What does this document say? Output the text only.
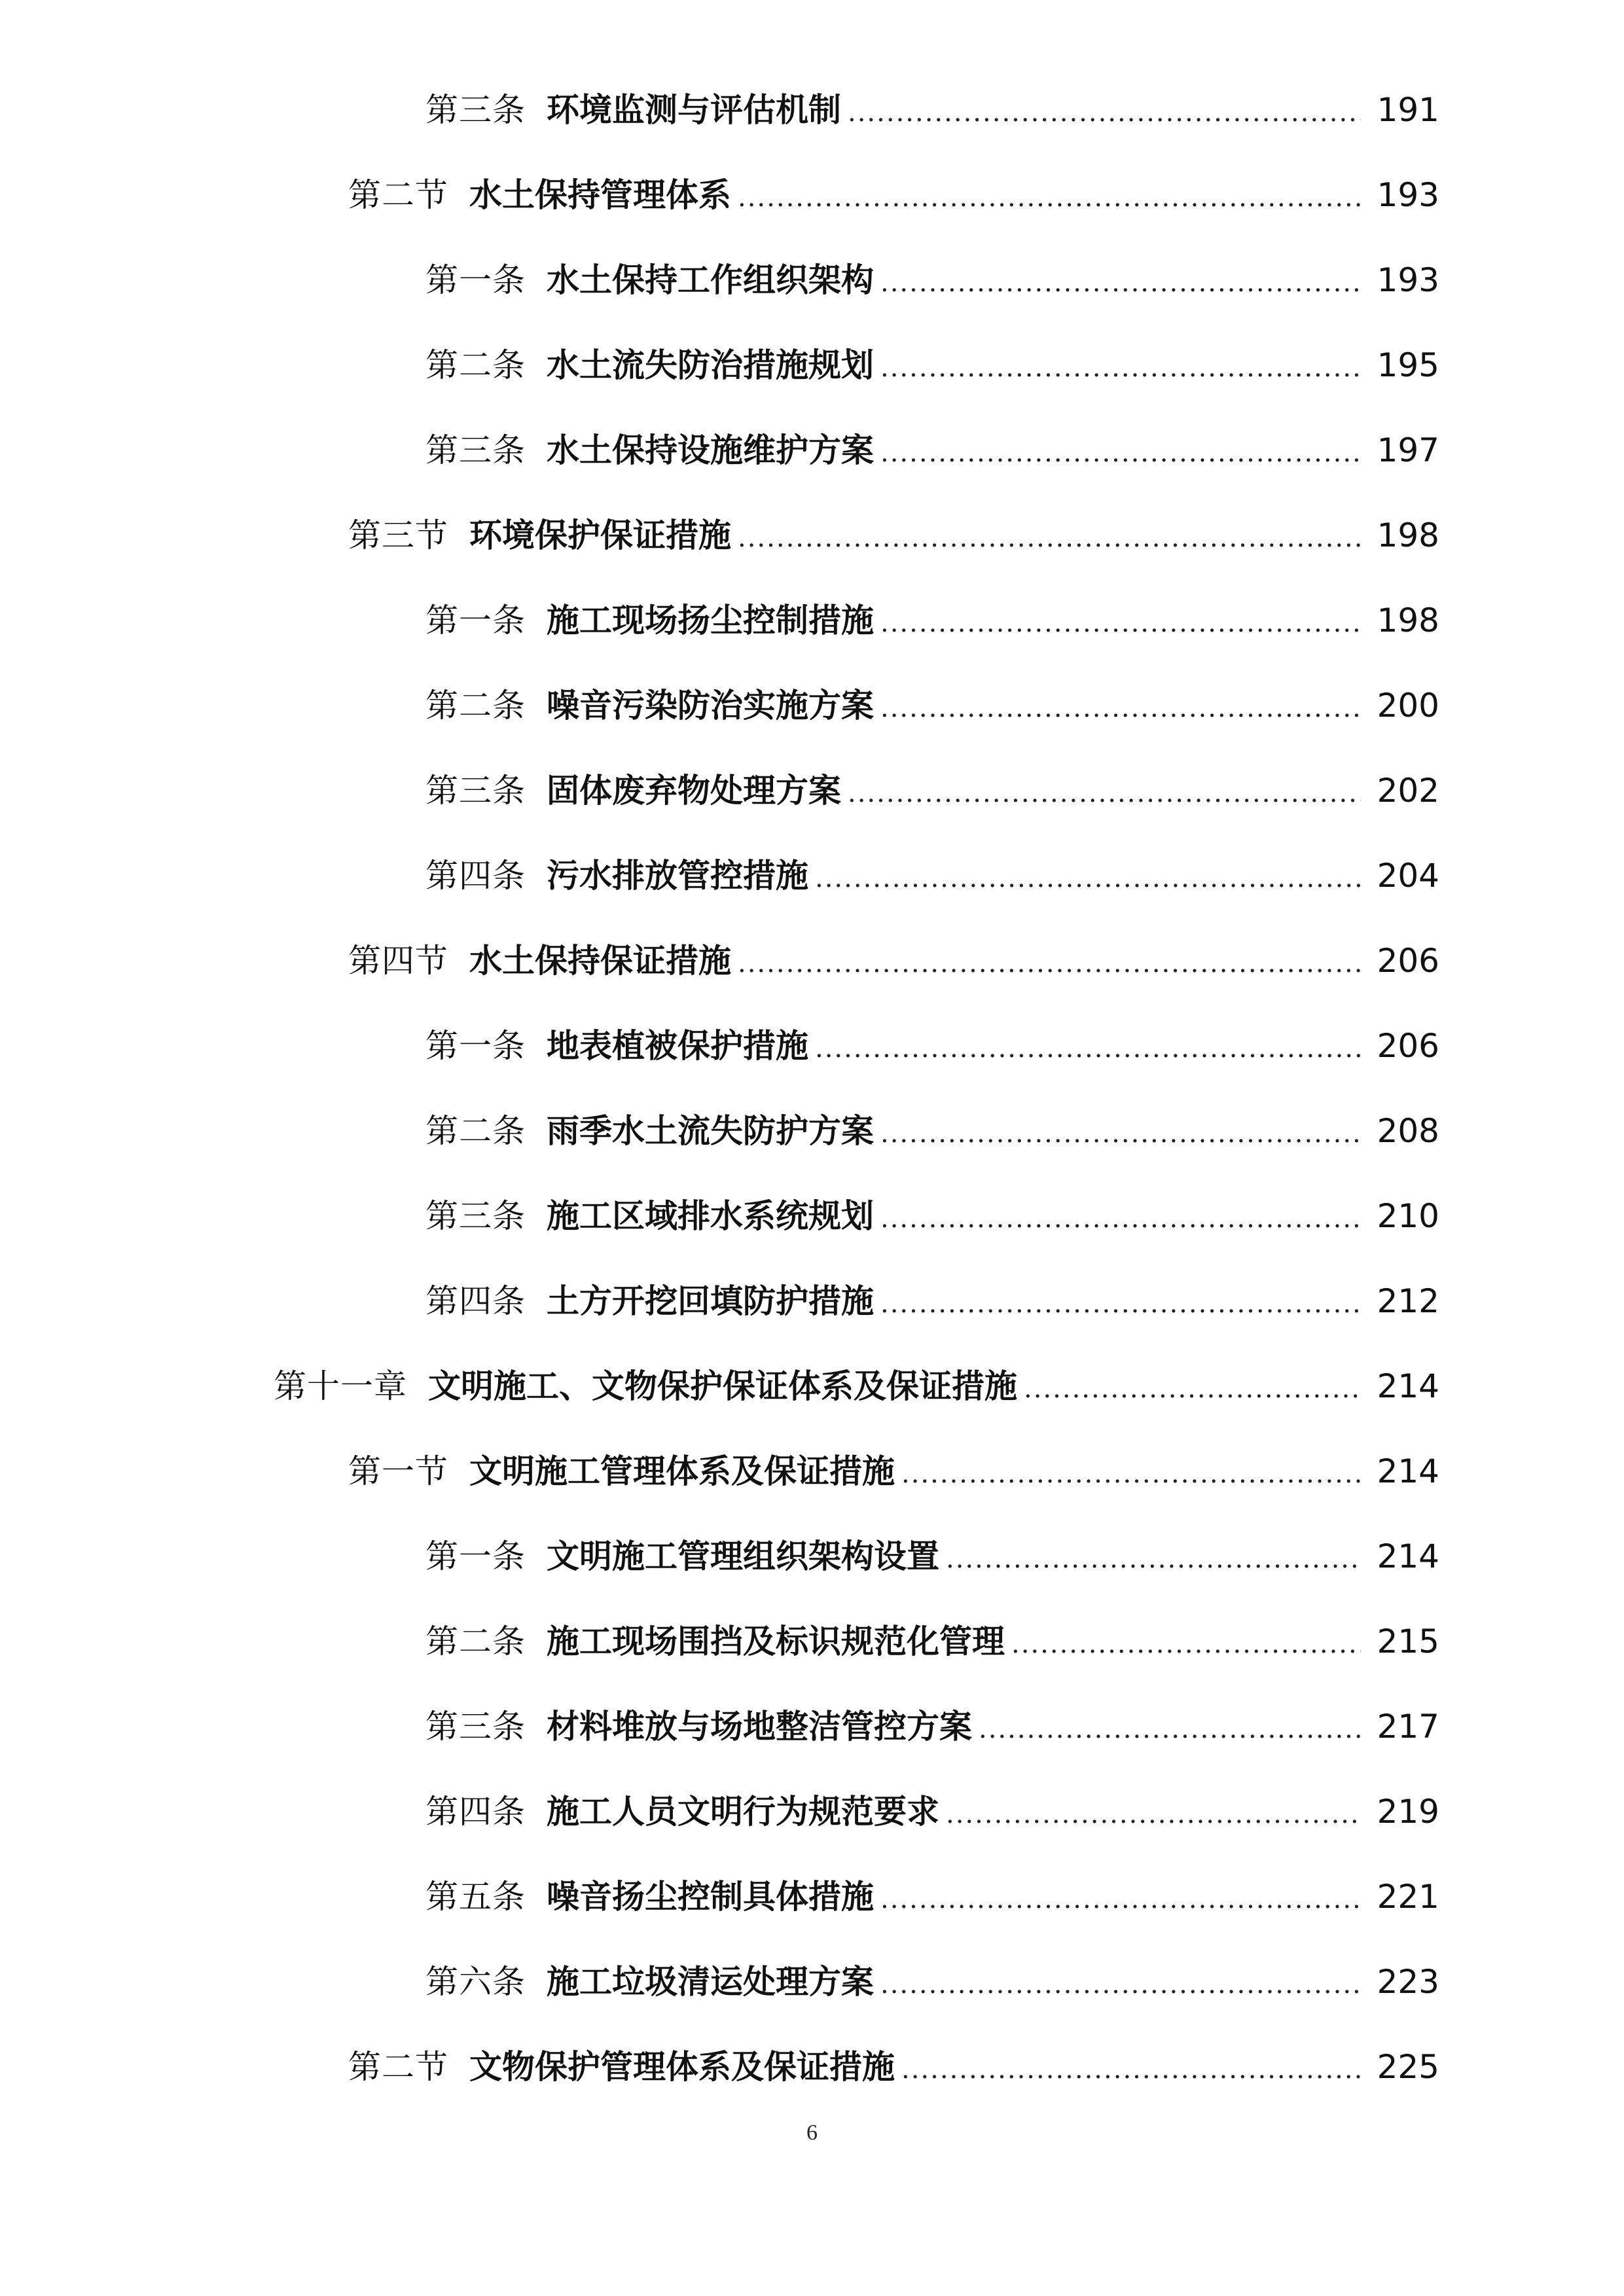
第三条 环境监测与评估机制 .....	191
第二节 水土保持管理体系 .....	193
第一条 水土保持工作组织架构 .....	193
第二条 水土流失防治措施规划 .....	195
第三条 水土保持设施维护方案 .....	197
第三节 环境保护保证措施 .....	198
第一条 施工现场扬尘控制措施 .....	198
第二条 噪音污染防治实施方案 .....	200
第三条 固体废弃物处理方案 .....	202
第四条 污水排放管控措施 .....	204
第四节 水土保持保证措施 .....	206
第一条 地表植被保护措施 .....	206
第二条 雨季水土流失防护方案 .....	208
第三条 施工区域排水系统规划 .....	210
第四条 土方开挖回填防护措施 .....	212
第十一章 文明施工、文物保护保证体系及保证措施 .....	214
第一节 文明施工管理体系及保证措施 .....	214
第一条 文明施工管理组织架构设置 .....	214
第二条 施工现场围挡及标识规范化管理 .....	215
第三条 材料堆放与场地整洁管控方案 .....	217
第四条 施工人员文明行为规范要求 .....	219
第五条 噪音扬尘控制具体措施 .....	221
第六条 施工垃圾清运处理方案 .....	223
第二节 文物保护管理体系及保证措施 .....	225
6
